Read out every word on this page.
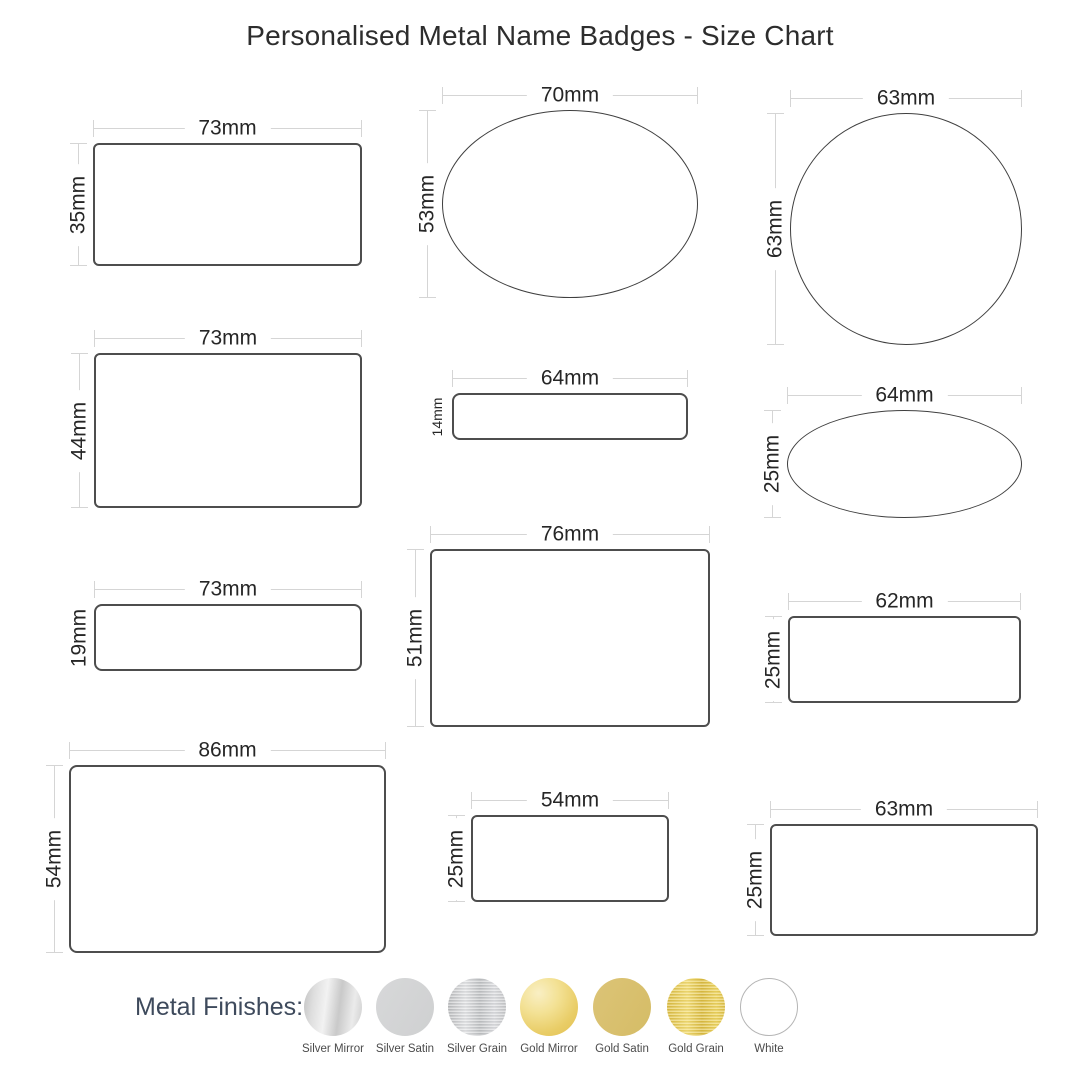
Personalised Metal Name Badges - Size Chart
73mm
35mm
73mm
44mm
73mm
19mm
86mm
54mm
70mm
53mm
64mm
14mm
76mm
51mm
54mm
25mm
63mm
63mm
64mm
25mm
62mm
25mm
63mm
25mm
Metal Finishes:
Silver Mirror	Silver Satin	Silver Grain	Gold Mirror	Gold Satin	Gold Grain	White
